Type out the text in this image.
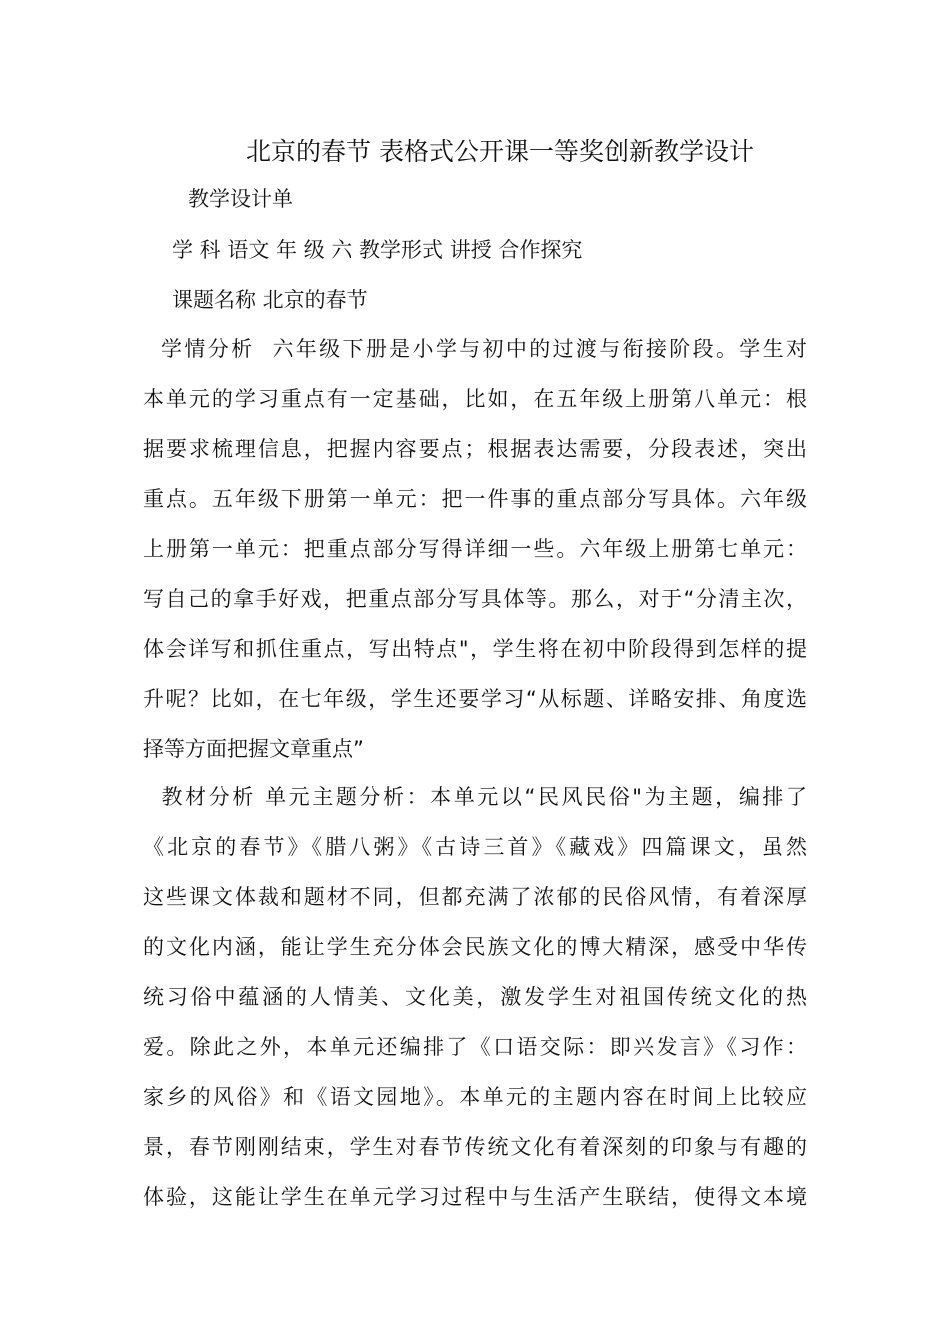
北京的春节 表格式公开课一等奖创新教学设计
教学设计单
学 科 语文 年 级 六 教学形式 讲授 合作探究
课题名称 北京的春节
学情分析  六年级下册是小学与初中的过渡与衔接阶段。学生对
本单元的学习重点有一定基础，比如，在五年级上册第八单元：根
据要求梳理信息，把握内容要点；根据表达需要，分段表述，突出
重点。五年级下册第一单元：把一件事的重点部分写具体。六年级
上册第一单元：把重点部分写得详细一些。六年级上册第七单元：
写自己的拿手好戏，把重点部分写具体等。那么，对于“分清主次，
体会详写和抓住重点，写出特点"，学生将在初中阶段得到怎样的提
升呢？比如，在七年级，学生还要学习“从标题、详略安排、角度选
择等方面把握文章重点”
教材分析 单元主题分析：本单元以“民风民俗"为主题，编排了
《北京的春节》《腊八粥》《古诗三首》《藏戏》四篇课文，虽然
这些课文体裁和题材不同，但都充满了浓郁的民俗风情，有着深厚
的文化内涵，能让学生充分体会民族文化的博大精深，感受中华传
统习俗中蕴涵的人情美、文化美，激发学生对祖国传统文化的热
爱。除此之外，本单元还编排了《口语交际：即兴发言》《习作：
家乡的风俗》和《语文园地》。本单元的主题内容在时间上比较应
景，春节刚刚结束，学生对春节传统文化有着深刻的印象与有趣的
体验，这能让学生在单元学习过程中与生活产生联结，使得文本境
